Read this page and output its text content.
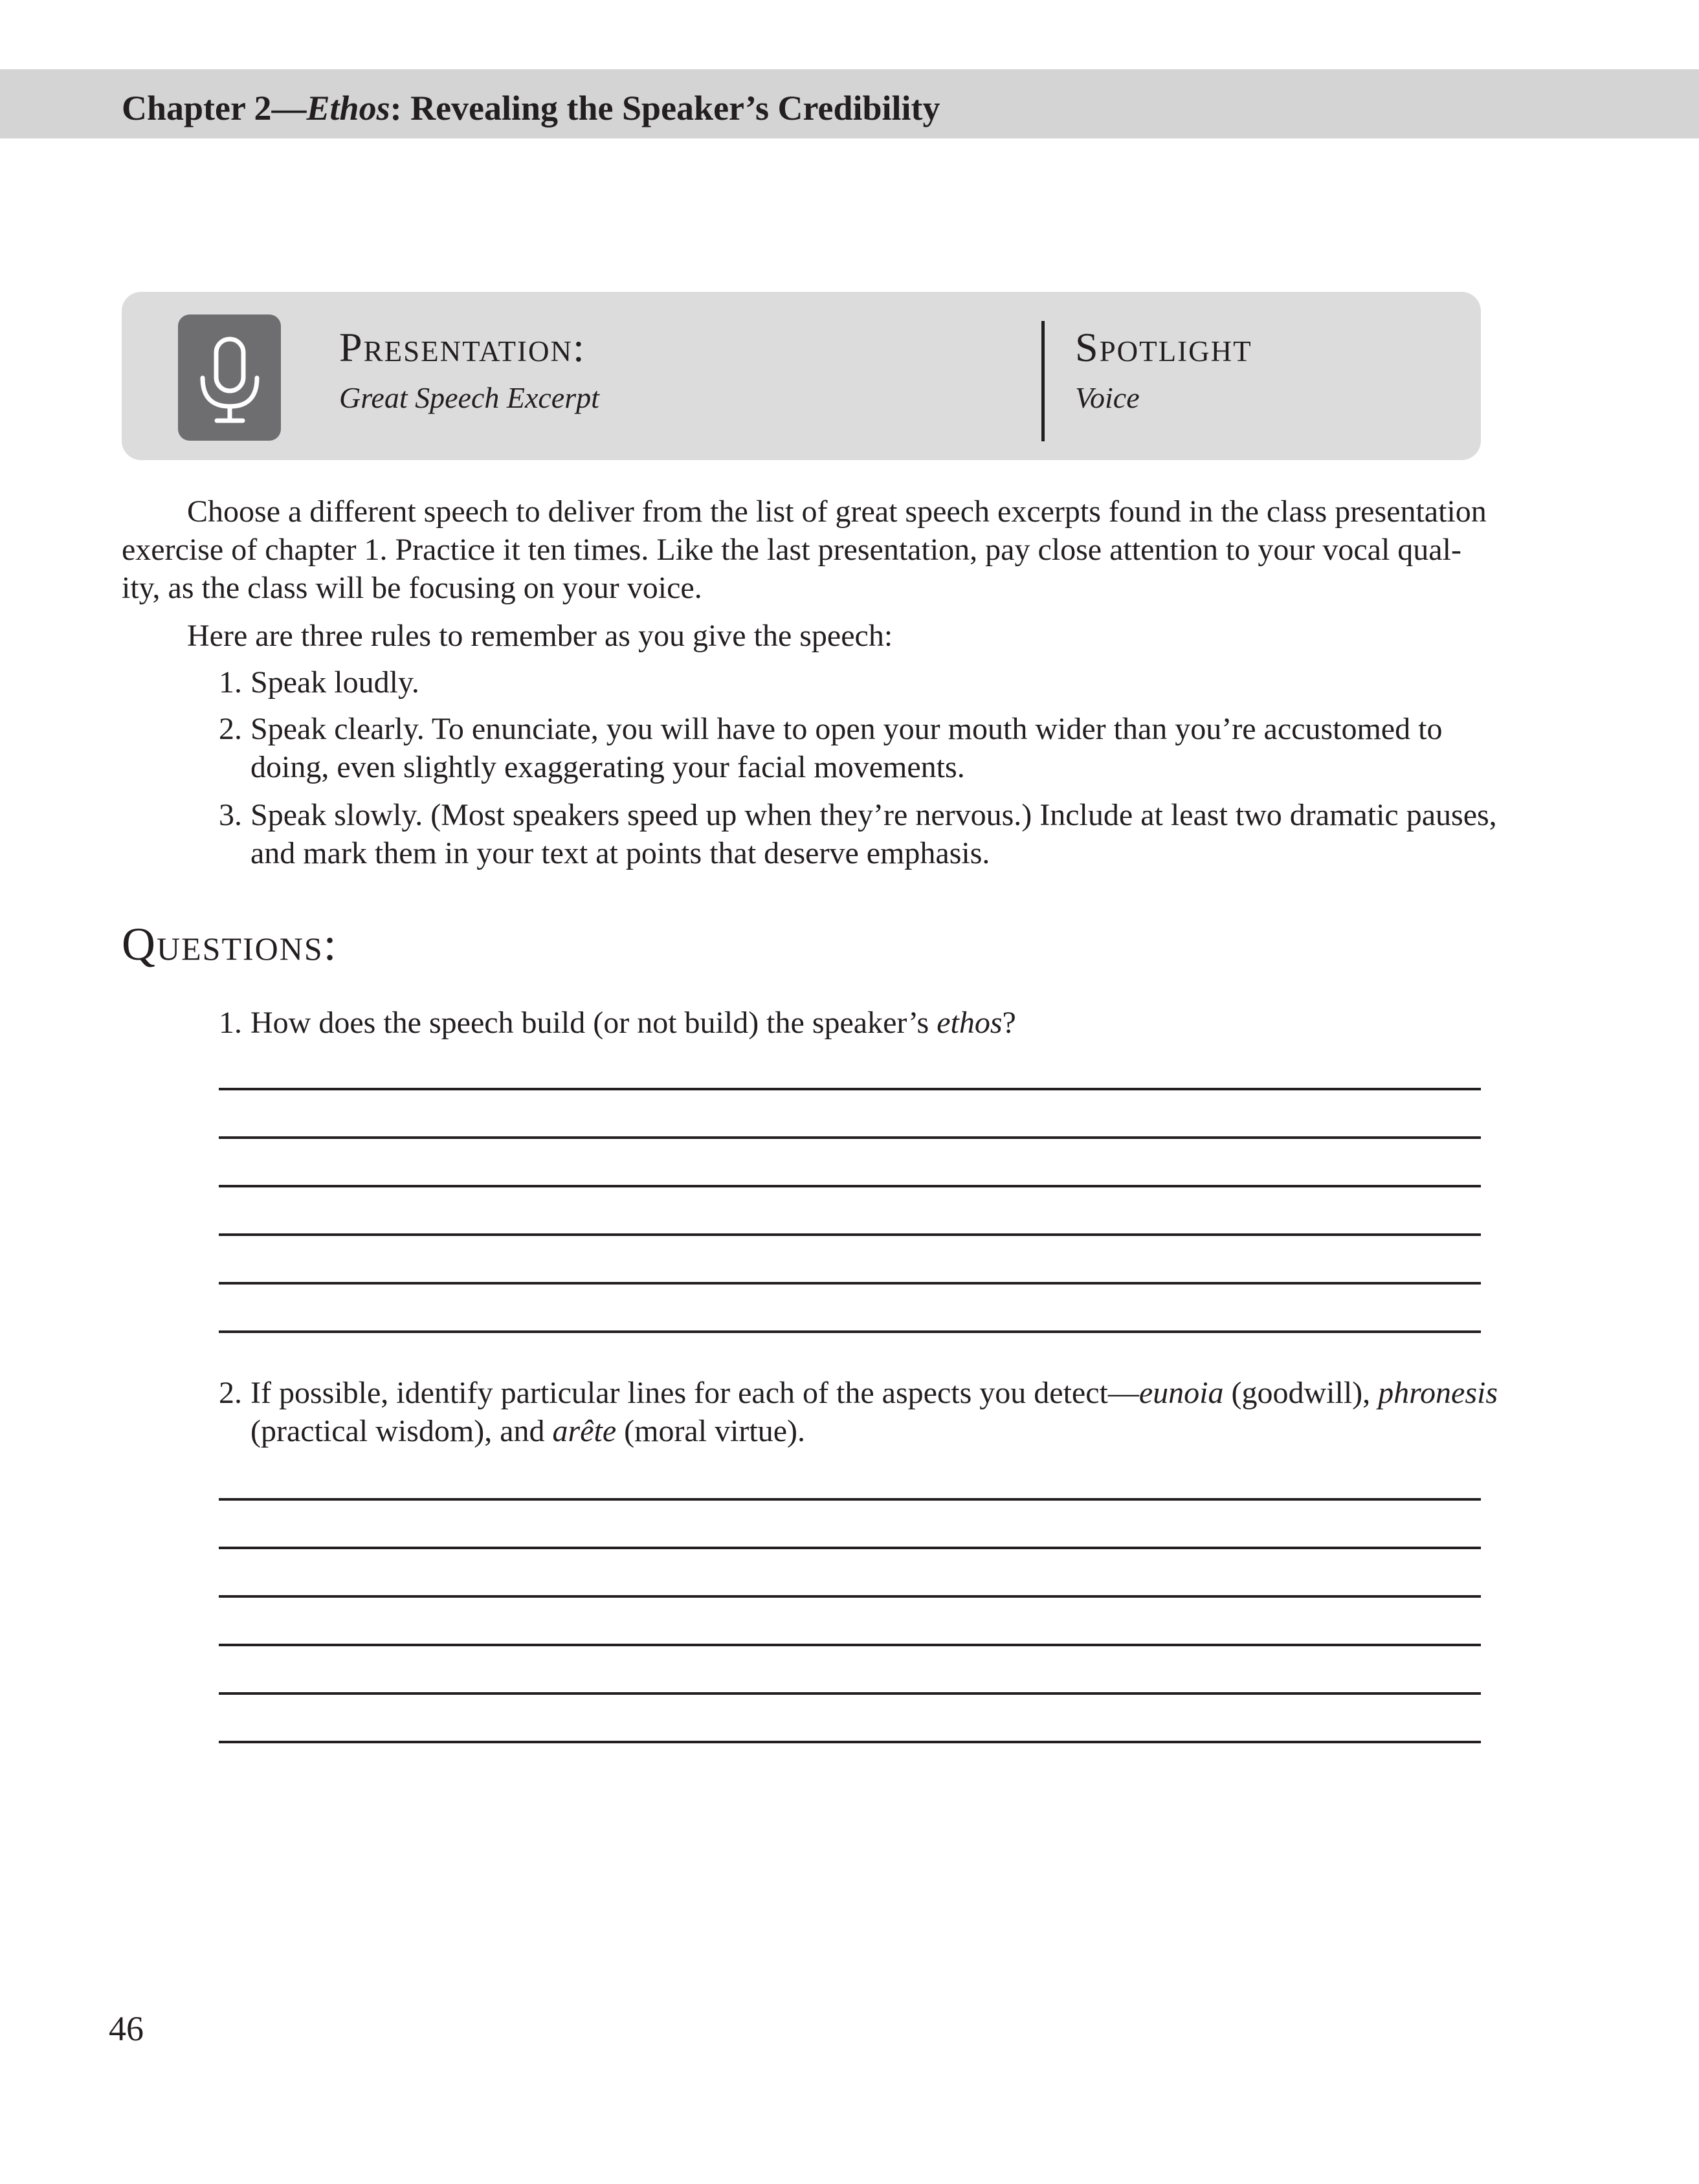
Chapter 2—Ethos: Revealing the Speaker’s Credibility
Presentation:
Great Speech Excerpt
Spotlight
Voice
Choose a different speech to deliver from the list of great speech excerpts found in the class presentation
exercise of chapter 1. Practice it ten times. Like the last presentation, pay close attention to your vocal qual-
ity, as the class will be focusing on your voice.
Here are three rules to remember as you give the speech:
1. Speak loudly.
2. Speak clearly. To enunciate, you will have to open your mouth wider than you’re accustomed to
doing, even slightly exaggerating your facial movements.
3. Speak slowly. (Most speakers speed up when they’re nervous.) Include at least two dramatic pauses,
and mark them in your text at points that deserve emphasis.
1. How does the speech build (or not build) the speaker’s ethos?
2. If possible, identify particular lines for each of the aspects you detect—eunoia (goodwill), phronesis
(practical wisdom), and arête (moral virtue).
Questions:
46
